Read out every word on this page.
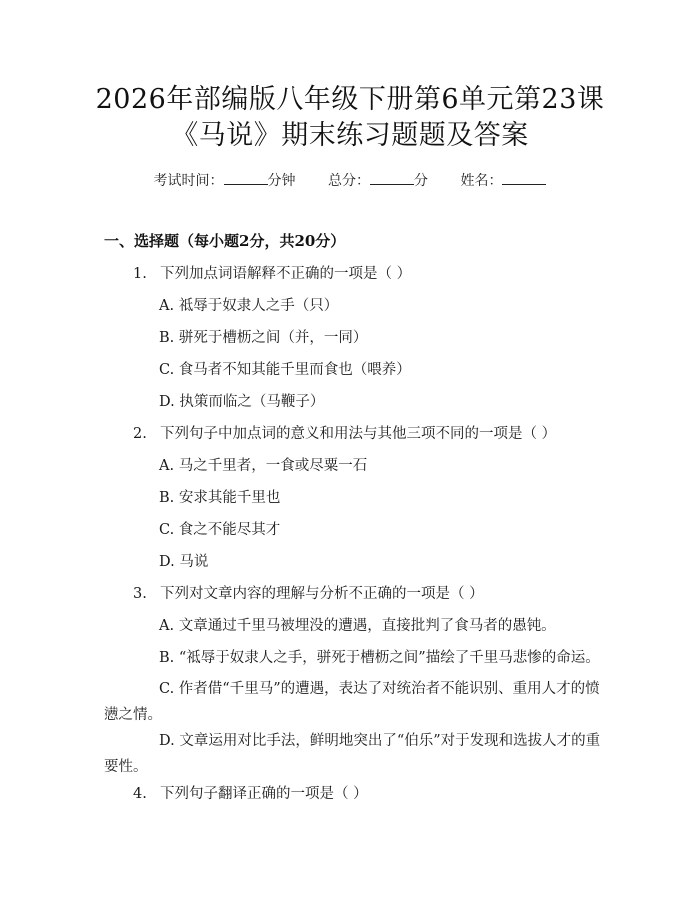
2026年部编版八年级下册第6单元第23课
《马说》期末练习题题及答案
考试时间：	分钟 总分：	分 姓名：
一、选择题（每小题2分，共20分）
1. 下列加点词语解释不正确的一项是（ ）
A. 祗辱于奴隶人之手（只）
B. 骈死于槽枥之间（并，一同）
C. 食马者不知其能千里而食也（喂养）
D. 执策而临之（马鞭子）
2. 下列句子中加点词的意义和用法与其他三项不同的一项是（ ）
A. 马之千里者，一食或尽粟一石
B. 安求其能千里也
C. 食之不能尽其才
D. 马说
3. 下列对文章内容的理解与分析不正确的一项是（ ）
A. 文章通过千里马被埋没的遭遇，直接批判了食马者的愚钝。
B. “祗辱于奴隶人之手，骈死于槽枥之间”描绘了千里马悲惨的命运。
C. 作者借“千里马”的遭遇，表达了对统治者不能识别、重用人才的愤懑之情。
D. 文章运用对比手法，鲜明地突出了“伯乐”对于发现和选拔人才的重要性。
4. 下列句子翻译正确的一项是（ ）
